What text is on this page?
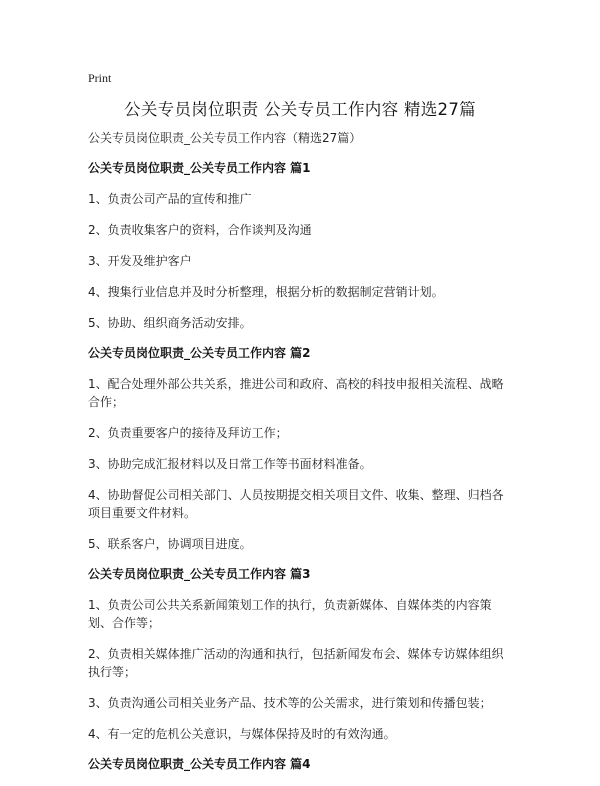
Print
公关专员岗位职责 公关专员工作内容 精选27篇

公关专员岗位职责_公关专员工作内容（精选27篇）

公关专员岗位职责_公关专员工作内容 篇1

1、负责公司产品的宣传和推广
2、负责收集客户的资料，合作谈判及沟通
3、开发及维护客户
4、搜集行业信息并及时分析整理，根据分析的数据制定营销计划。
5、协助、组织商务活动安排。

公关专员岗位职责_公关专员工作内容 篇2

1、配合处理外部公共关系，推进公司和政府、高校的科技申报相关流程、战略合作；
2、负责重要客户的接待及拜访工作；
3、协助完成汇报材料以及日常工作等书面材料准备。
4、协助督促公司相关部门、人员按期提交相关项目文件、收集、整理、归档各项目重要文件材料。
5、联系客户，协调项目进度。

公关专员岗位职责_公关专员工作内容 篇3

1、负责公司公共关系新闻策划工作的执行，负责新媒体、自媒体类的内容策划、合作等；
2、负责相关媒体推广活动的沟通和执行，包括新闻发布会、媒体专访媒体组织执行等；
3、负责沟通公司相关业务产品、技术等的公关需求，进行策划和传播包装；
4、有一定的危机公关意识，与媒体保持及时的有效沟通。

公关专员岗位职责_公关专员工作内容 篇4
